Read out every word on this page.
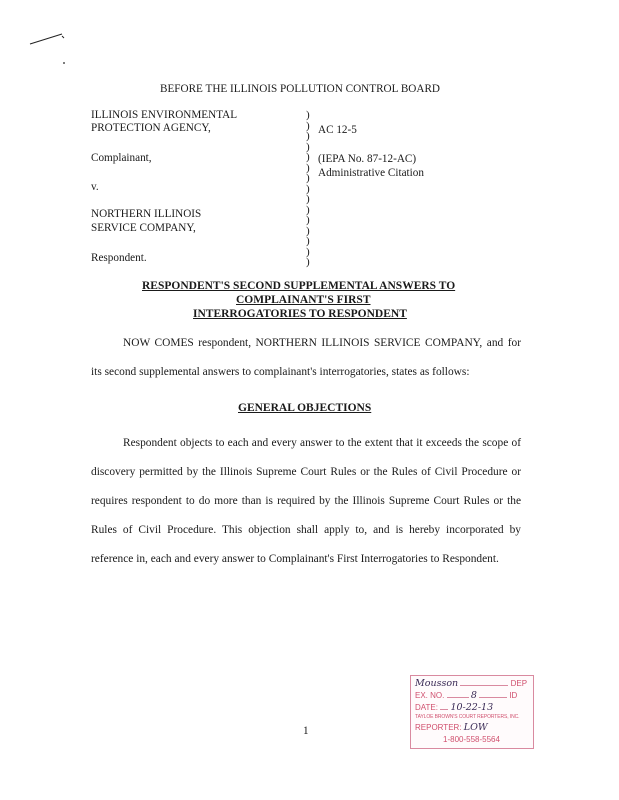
BEFORE THE ILLINOIS POLLUTION CONTROL BOARD
ILLINOIS ENVIRONMENTAL
PROTECTION AGENCY,
Complainant,
v.
NORTHERN ILLINOIS
SERVICE COMPANY,
Respondent.
)
)
)
)
)
)
)
)
)
)
)
)
)
)
)
AC 12-5
(IEPA No. 87-12-AC)
Administrative Citation
RESPONDENT'S SECOND SUPPLEMENTAL ANSWERS TO
COMPLAINANT'S FIRST
INTERROGATORIES TO RESPONDENT

NOW COMES respondent, NORTHERN ILLINOIS SERVICE COMPANY, and for its second supplemental answers to complainant's interrogatories, states as follows:

GENERAL OBJECTIONS

Respondent objects to each and every answer to the extent that it exceeds the scope of discovery permitted by the Illinois Supreme Court Rules or the Rules of Civil Procedure or requires respondent to do more than is required by the Illinois Supreme Court Rules or the Rules of Civil Procedure. This objection shall apply to, and is hereby incorporated by reference in, each and every answer to Complainant's First Interrogatories to Respondent.

1
Mousson	DEP
EX. NO.	8	ID
DATE: 10-22-13
TAYLOE BROWN'S COURT REPORTERS, INC.
REPORTER: LOW
1-800-558-5564
